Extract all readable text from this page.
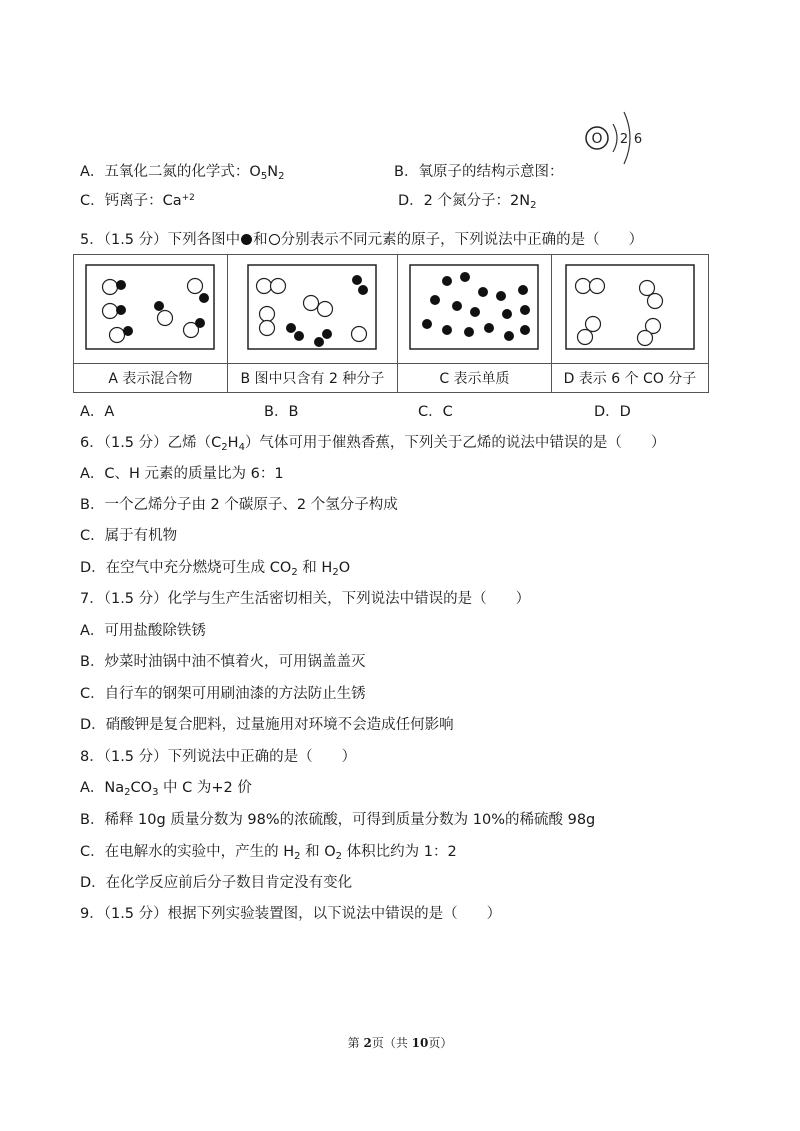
A．五氧化二氮的化学式：$O_5N_2$	B．氧原子的结构示意图：
O 2 6
C．钙离子：$Ca^{+2}$	D．2 个氮分子：$2N_2$
5．（1.5 分）下列各图中 和 分别表示不同元素的原子，下列说法中正确的是（　　）

A 表示混合物	B 图中只含有 2 种分子	C 表示单质	D 表示 6 个 CO 分子
A．A	B．B	C．C	D．D
6．（1.5 分）乙烯$(C_2H_4)$气体可用于催熟香蕉，下列关于乙烯的说法中错误的是（　　）
A．C、H 元素的质量比为 6：1
B．一个乙烯分子由 2 个碳原子、2 个氢分子构成
C．属于有机物
D．在空气中充分燃烧可生成 $CO_2$ 和 $H_2O$
7．（1.5 分）化学与生产生活密切相关，下列说法中错误的是（　　）
A．可用盐酸除铁锈
B．炒菜时油锅中油不慎着火，可用锅盖盖灭
C．自行车的钢架可用刷油漆的方法防止生锈
D．硝酸钾是复合肥料，过量施用对环境不会造成任何影响
8．（1.5 分）下列说法中正确的是（　　）
A．$Na_2CO_3$ 中 C 为+2 价
B．稀释 10g 质量分数为 98%的浓硫酸，可得到质量分数为 10%的稀硫酸 98g
C．在电解水的实验中，产生的 $H_2$ 和 $O_2$ 体积比约为 1：2
D．在化学反应前后分子数目肯定没有变化
9．（1.5 分）根据下列实验装置图，以下说法中错误的是（　　）
第 2页（共 10页）
